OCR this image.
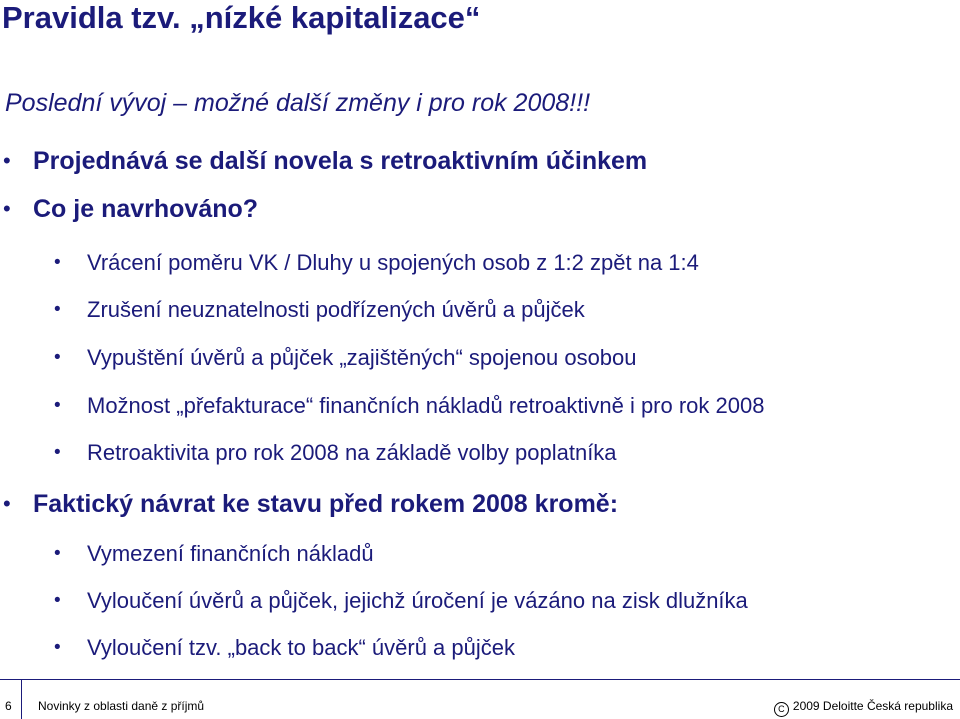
Pravidla tzv. „nízké kapitalizace“
Poslední vývoj – možné další změny i pro rok 2008!!!
• Projednává se další novela s retroaktivním účinkem
• Co je navrhováno?
• Vrácení poměru VK / Dluhy u spojených osob z 1:2 zpět na 1:4
• Zrušení neuznatelnosti podřízených úvěrů a půjček
• Vypuštění úvěrů a půjček „zajištěných“ spojenou osobou
• Možnost „přefakturace“ finančních nákladů retroaktivně i pro rok 2008
• Retroaktivita pro rok 2008 na základě volby poplatníka
• Faktický návrat ke stavu před rokem 2008 kromě:
• Vymezení finančních nákladů
• Vyloučení úvěrů a půjček, jejichž úročení je vázáno na zisk dlužníka
• Vyloučení tzv. „back to back“ úvěrů a půjček
6 Novinky z oblasti daně z příjmů	C 2009 Deloitte Česká republika
